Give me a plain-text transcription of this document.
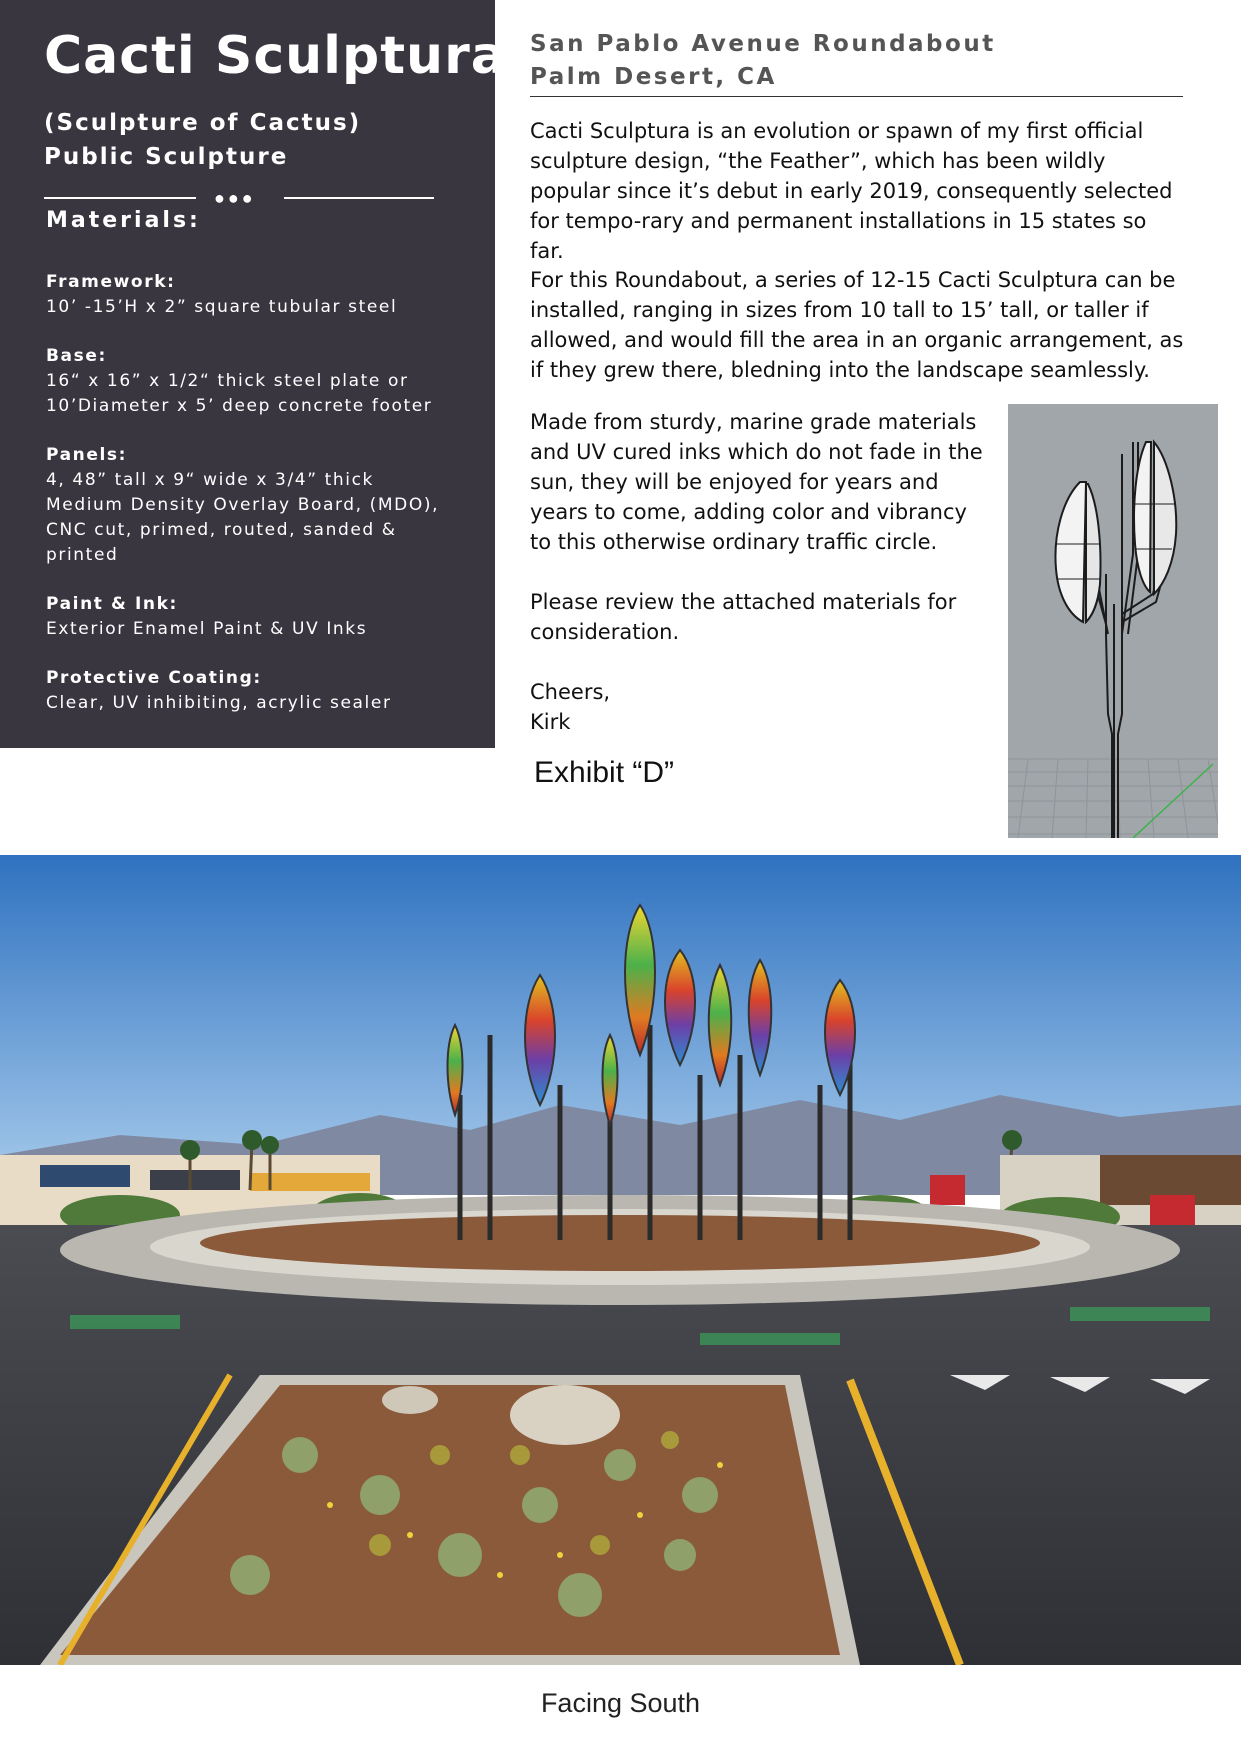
Cacti Sculptura
(Sculpture of Cactus)
Public Sculpture
●●●
Materials:
Framework:
10’ -15’H x 2” square tubular steel
Base:
16“ x 16” x 1/2“ thick steel plate or
10’Diameter x 5’ deep concrete footer
Panels:
4, 48” tall x 9“ wide x 3/4” thick
Medium Density Overlay Board, (MDO),
CNC cut, primed, routed, sanded &
printed
Paint & Ink:
Exterior Enamel Paint & UV Inks
Protective Coating:
Clear, UV inhibiting, acrylic sealer
San Pablo Avenue Roundabout
Palm Desert, CA

Cacti Sculptura is an evolution or spawn of my first official sculpture design, “the Feather”, which has been wildly popular since it’s debut in early 2019, consequently selected for tempo-rary and permanent installations in 15 states so far.

For this Roundabout, a series of 12-15 Cacti Sculptura can be installed, ranging in sizes from 10 tall to 15’ tall, or taller if allowed, and would fill the area in an organic arrangement, as if they grew there, bledning into the landscape seamlessly.

Made from sturdy, marine grade materials and UV cured inks which do not fade in the sun, they will be enjoyed for years and years to come, adding color and vibrancy to this otherwise ordinary traffic circle.

Please review the attached materials for consideration.

Cheers,
Kirk
Exhibit “D”
Facing South
